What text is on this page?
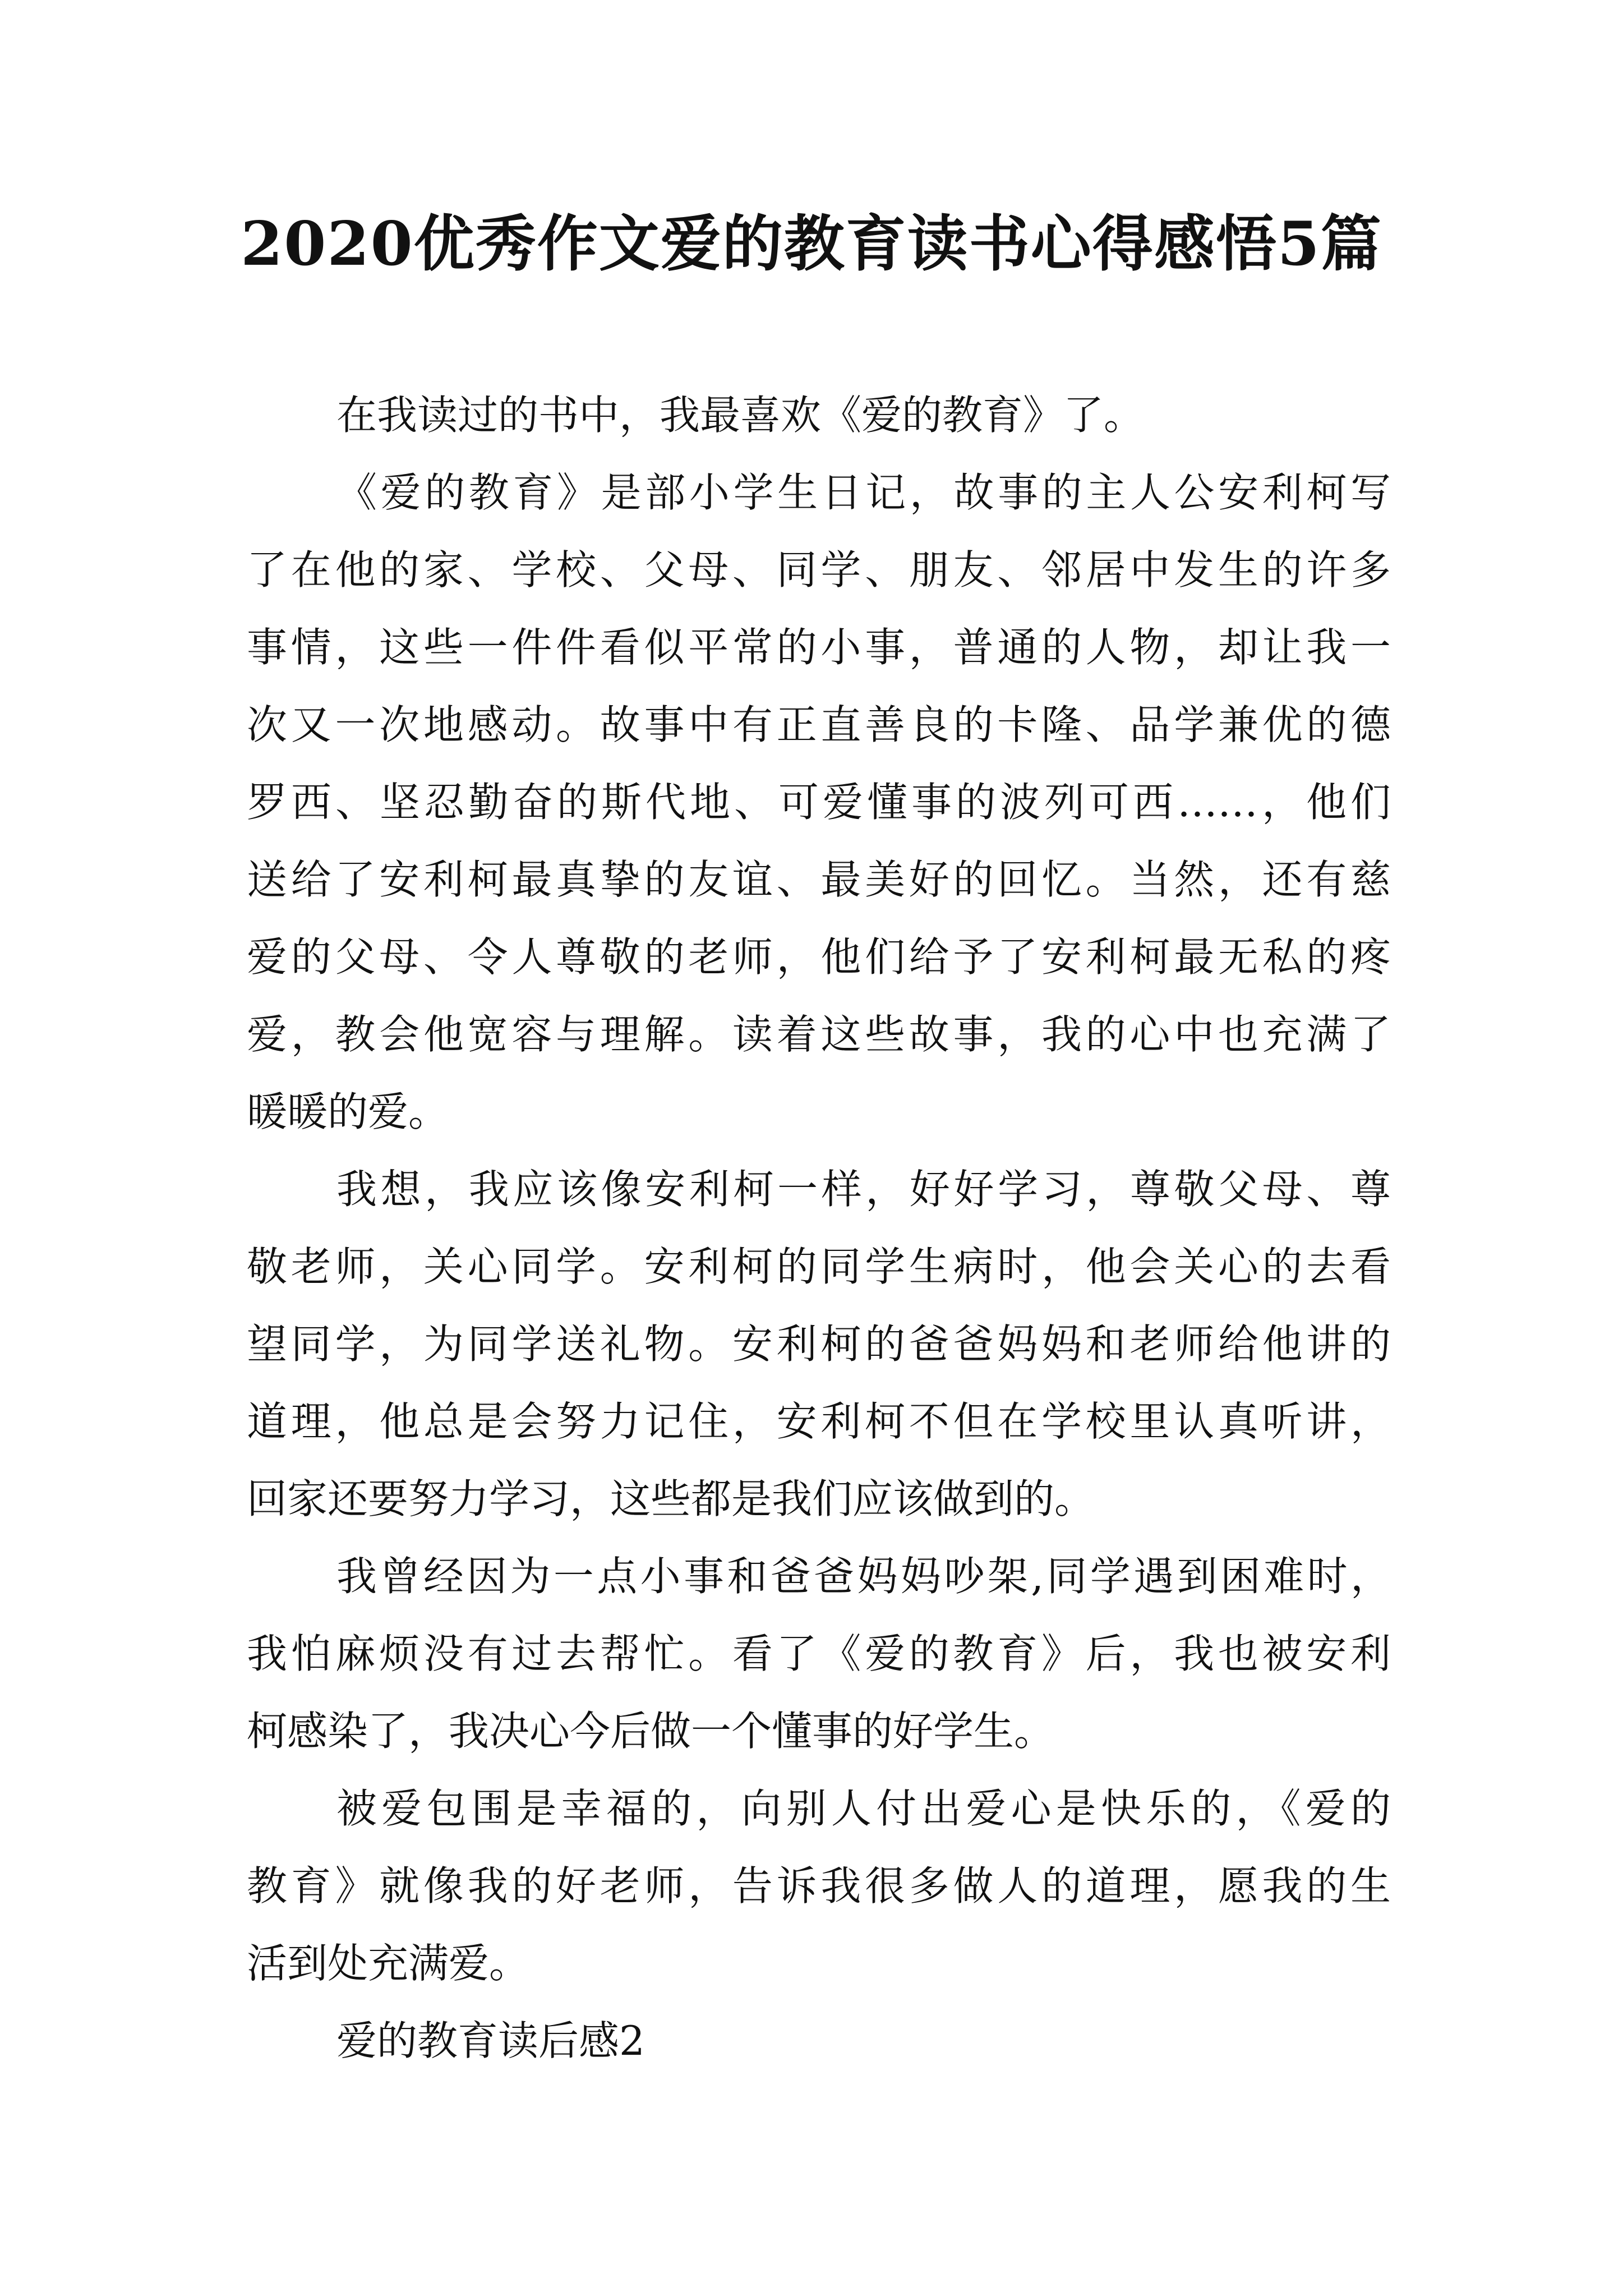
2020优秀作文爱的教育读书心得感悟5篇
在我读过的书中，我最喜欢《爱的教育》了。
《爱的教育》是部小学生日记，故事的主人公安利柯写
了在他的家、学校、父母、同学、朋友、邻居中发生的许多
事情，这些一件件看似平常的小事，普通的人物，却让我一
次又一次地感动。故事中有正直善良的卡隆、品学兼优的德
罗西、坚忍勤奋的斯代地、可爱懂事的波列可西……，他们
送给了安利柯最真挚的友谊、最美好的回忆。当然，还有慈
爱的父母、令人尊敬的老师，他们给予了安利柯最无私的疼
爱，教会他宽容与理解。读着这些故事，我的心中也充满了
暖暖的爱。
我想，我应该像安利柯一样，好好学习，尊敬父母、尊
敬老师，关心同学。安利柯的同学生病时，他会关心的去看
望同学，为同学送礼物。安利柯的爸爸妈妈和老师给他讲的
道理，他总是会努力记住，安利柯不但在学校里认真听讲，
回家还要努力学习，这些都是我们应该做到的。
我曾经因为一点小事和爸爸妈妈吵架,同学遇到困难时，
我怕麻烦没有过去帮忙。看了《爱的教育》后，我也被安利
柯感染了，我决心今后做一个懂事的好学生。
被爱包围是幸福的，向别人付出爱心是快乐的，《爱的
教育》就像我的好老师，告诉我很多做人的道理，愿我的生
活到处充满爱。
爱的教育读后感2
